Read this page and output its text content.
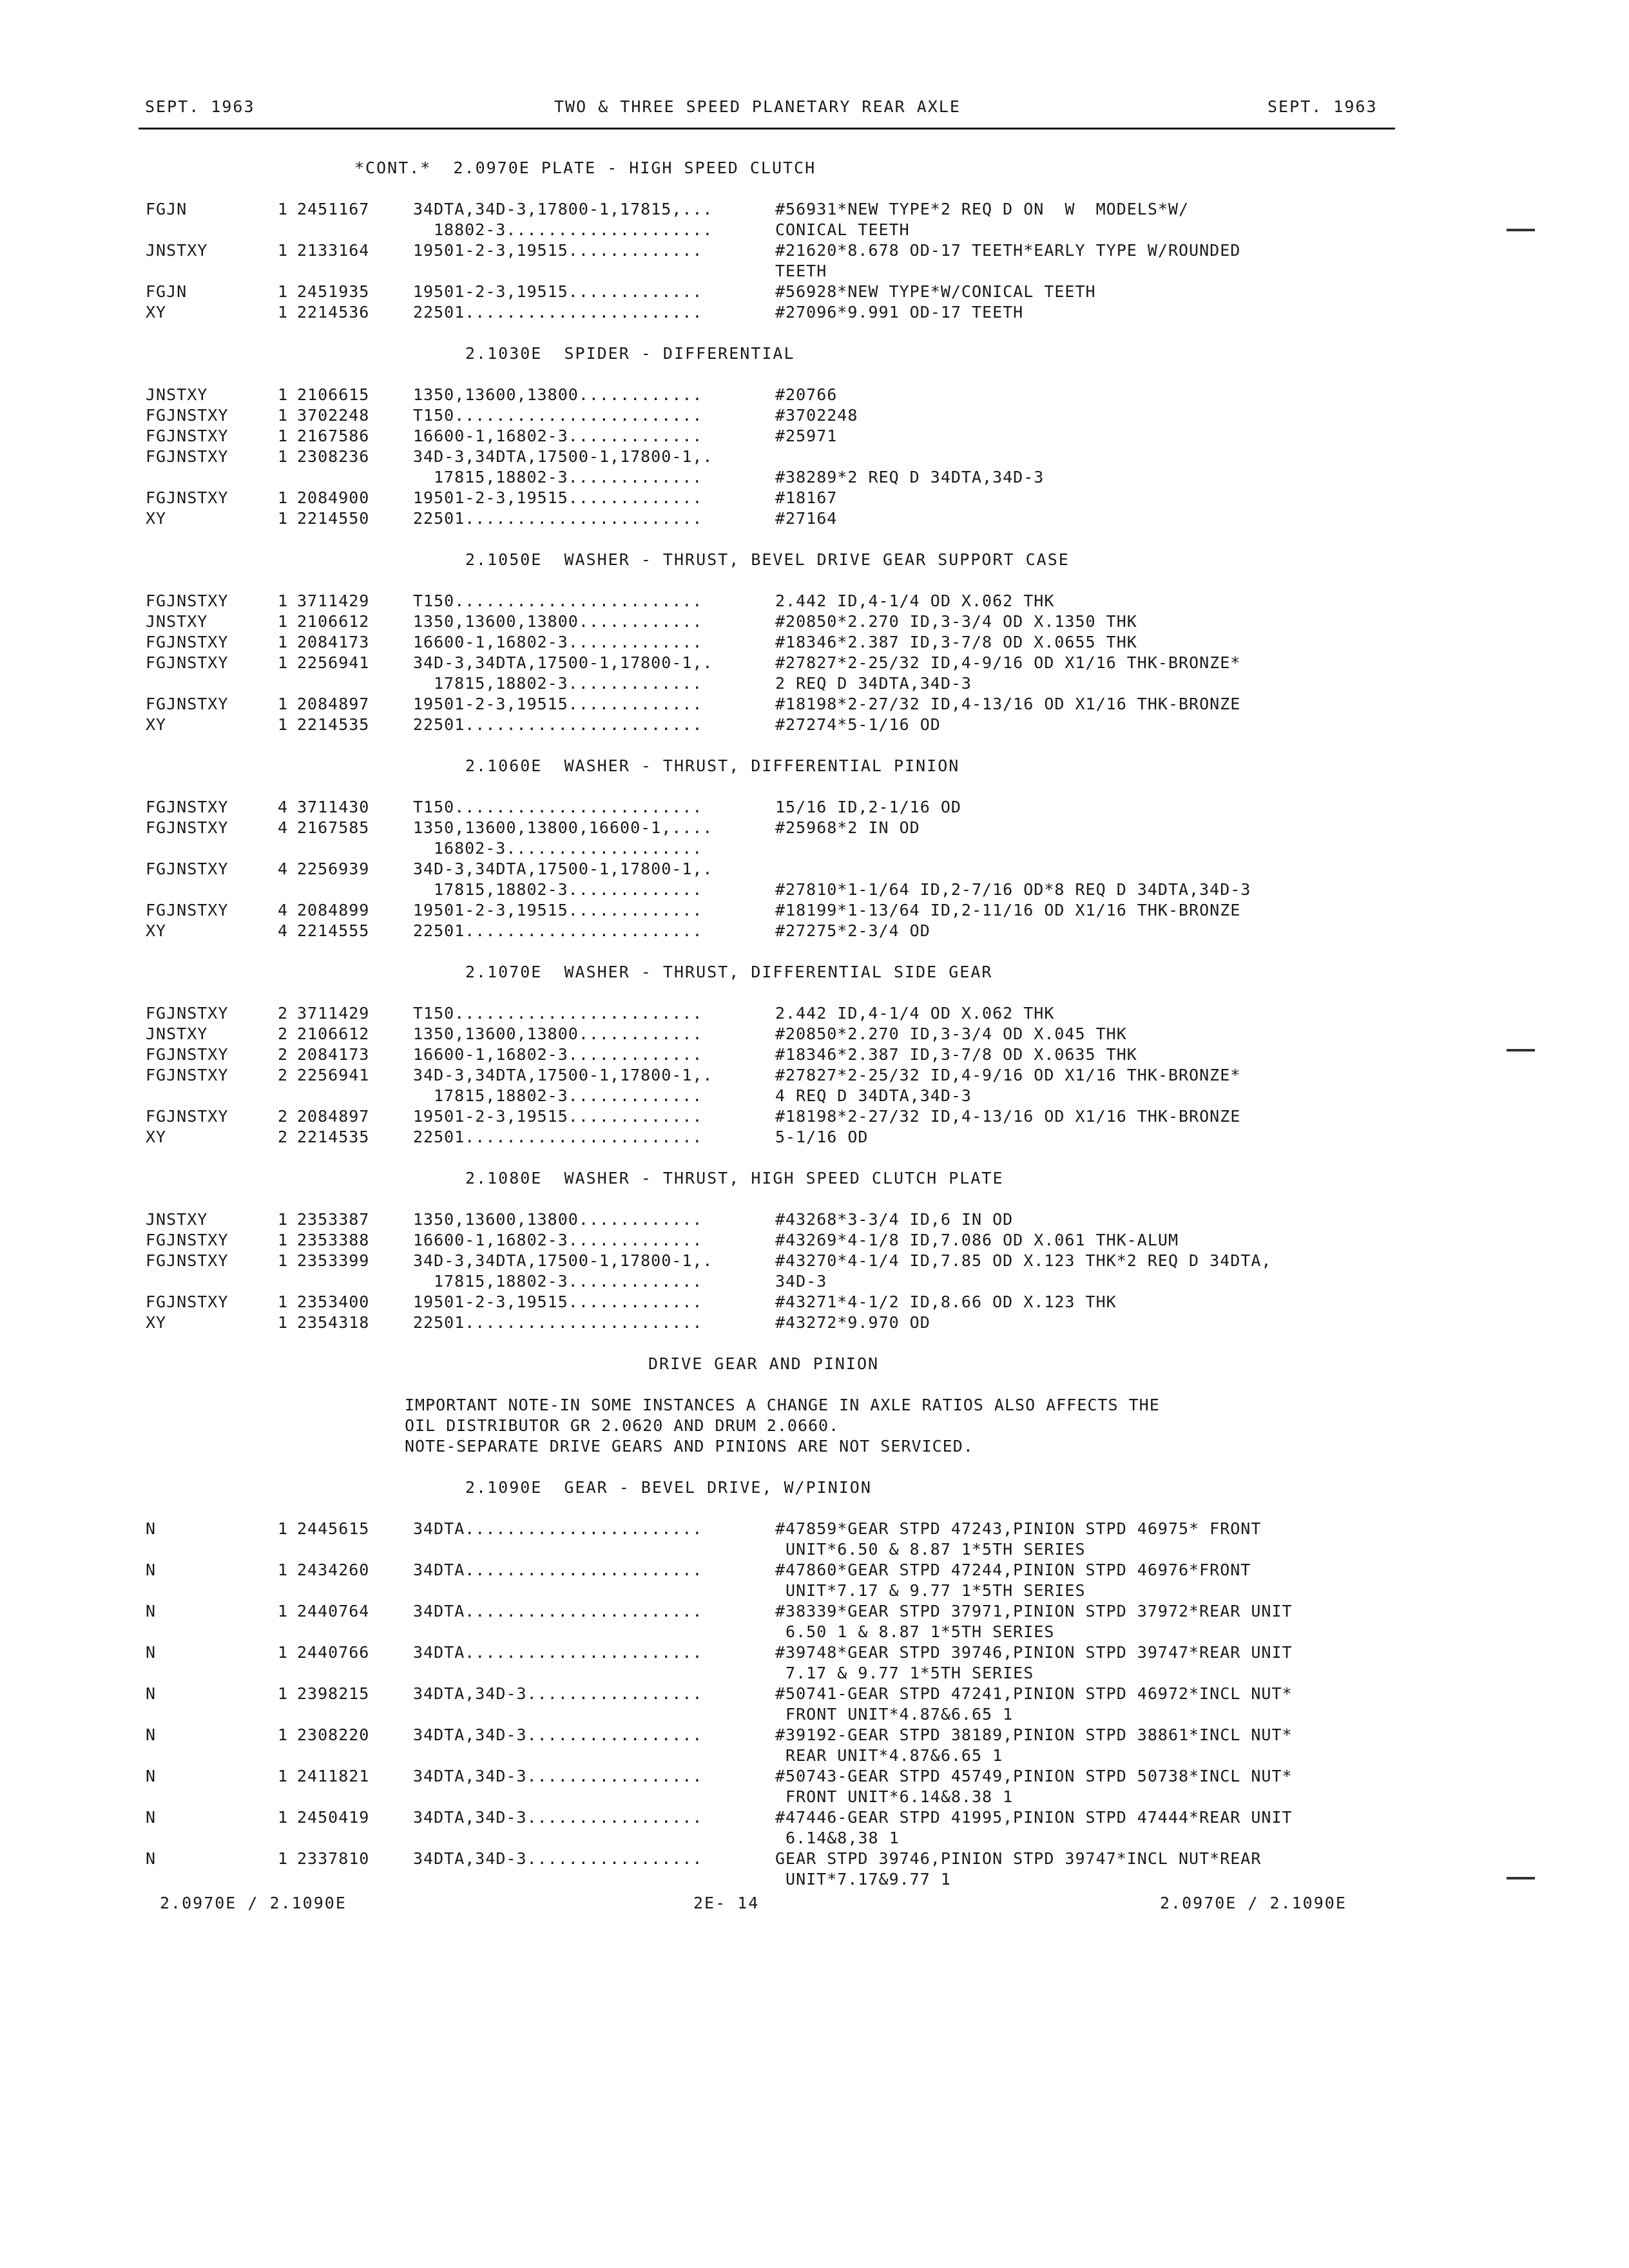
SEPT. 1963	TWO & THREE SPEED PLANETARY REAR AXLE	SEPT. 1963
*CONT.*  2.0970E PLATE - HIGH SPEED CLUTCH
FGJN	1 2451167	34DTA,34D-3,17800-1,17815,...	#56931*NEW TYPE*2 REQ D ON  W  MODELS*W/
18802-3....................	CONICAL TEETH
JNSTXY	1 2133164	19501-2-3,19515.............	#21620*8.678 OD-17 TEETH*EARLY TYPE W/ROUNDED
TEETH
FGJN	1 2451935	19501-2-3,19515.............	#56928*NEW TYPE*W/CONICAL TEETH
XY	1 2214536	22501.......................	#27096*9.991 OD-17 TEETH
2.1030E  SPIDER - DIFFERENTIAL
JNSTXY	1 2106615	1350,13600,13800............	#20766
FGJNSTXY	1 3702248	T150........................	#3702248
FGJNSTXY	1 2167586	16600-1,16802-3.............	#25971
FGJNSTXY	1 2308236	34D-3,34DTA,17500-1,17800-1,.
17815,18802-3.............	#38289*2 REQ D 34DTA,34D-3
FGJNSTXY	1 2084900	19501-2-3,19515.............	#18167
XY	1 2214550	22501.......................	#27164
2.1050E  WASHER - THRUST, BEVEL DRIVE GEAR SUPPORT CASE
FGJNSTXY	1 3711429	T150........................	2.442 ID,4-1/4 OD X.062 THK
JNSTXY	1 2106612	1350,13600,13800............	#20850*2.270 ID,3-3/4 OD X.1350 THK
FGJNSTXY	1 2084173	16600-1,16802-3.............	#18346*2.387 ID,3-7/8 OD X.0655 THK
FGJNSTXY	1 2256941	34D-3,34DTA,17500-1,17800-1,.	#27827*2-25/32 ID,4-9/16 OD X1/16 THK-BRONZE*
17815,18802-3.............	2 REQ D 34DTA,34D-3
FGJNSTXY	1 2084897	19501-2-3,19515.............	#18198*2-27/32 ID,4-13/16 OD X1/16 THK-BRONZE
XY	1 2214535	22501.......................	#27274*5-1/16 OD
2.1060E  WASHER - THRUST, DIFFERENTIAL PINION
FGJNSTXY	4 3711430	T150........................	15/16 ID,2-1/16 OD
FGJNSTXY	4 2167585	1350,13600,13800,16600-1,....	#25968*2 IN OD
16802-3...................
FGJNSTXY	4 2256939	34D-3,34DTA,17500-1,17800-1,.
17815,18802-3.............	#27810*1-1/64 ID,2-7/16 OD*8 REQ D 34DTA,34D-3
FGJNSTXY	4 2084899	19501-2-3,19515.............	#18199*1-13/64 ID,2-11/16 OD X1/16 THK-BRONZE
XY	4 2214555	22501.......................	#27275*2-3/4 OD
2.1070E  WASHER - THRUST, DIFFERENTIAL SIDE GEAR
FGJNSTXY	2 3711429	T150........................	2.442 ID,4-1/4 OD X.062 THK
JNSTXY	2 2106612	1350,13600,13800............	#20850*2.270 ID,3-3/4 OD X.045 THK
FGJNSTXY	2 2084173	16600-1,16802-3.............	#18346*2.387 ID,3-7/8 OD X.0635 THK
FGJNSTXY	2 2256941	34D-3,34DTA,17500-1,17800-1,.	#27827*2-25/32 ID,4-9/16 OD X1/16 THK-BRONZE*
17815,18802-3.............	4 REQ D 34DTA,34D-3
FGJNSTXY	2 2084897	19501-2-3,19515.............	#18198*2-27/32 ID,4-13/16 OD X1/16 THK-BRONZE
XY	2 2214535	22501.......................	5-1/16 OD
2.1080E  WASHER - THRUST, HIGH SPEED CLUTCH PLATE
JNSTXY	1 2353387	1350,13600,13800............	#43268*3-3/4 ID,6 IN OD
FGJNSTXY	1 2353388	16600-1,16802-3.............	#43269*4-1/8 ID,7.086 OD X.061 THK-ALUM
FGJNSTXY	1 2353399	34D-3,34DTA,17500-1,17800-1,.	#43270*4-1/4 ID,7.85 OD X.123 THK*2 REQ D 34DTA,
17815,18802-3.............	34D-3
FGJNSTXY	1 2353400	19501-2-3,19515.............	#43271*4-1/2 ID,8.66 OD X.123 THK
XY	1 2354318	22501.......................	#43272*9.970 OD
DRIVE GEAR AND PINION
IMPORTANT NOTE-IN SOME INSTANCES A CHANGE IN AXLE RATIOS ALSO AFFECTS THE
OIL DISTRIBUTOR GR 2.0620 AND DRUM 2.0660.
NOTE-SEPARATE DRIVE GEARS AND PINIONS ARE NOT SERVICED.
2.1090E  GEAR - BEVEL DRIVE, W/PINION
N	1 2445615	34DTA.......................	#47859*GEAR STPD 47243,PINION STPD 46975* FRONT
UNIT*6.50 & 8.87 1*5TH SERIES
N	1 2434260	34DTA.......................	#47860*GEAR STPD 47244,PINION STPD 46976*FRONT
UNIT*7.17 & 9.77 1*5TH SERIES
N	1 2440764	34DTA.......................	#38339*GEAR STPD 37971,PINION STPD 37972*REAR UNIT
6.50 1 & 8.87 1*5TH SERIES
N	1 2440766	34DTA.......................	#39748*GEAR STPD 39746,PINION STPD 39747*REAR UNIT
7.17 & 9.77 1*5TH SERIES
N	1 2398215	34DTA,34D-3.................	#50741-GEAR STPD 47241,PINION STPD 46972*INCL NUT*
FRONT UNIT*4.87&6.65 1
N	1 2308220	34DTA,34D-3.................	#39192-GEAR STPD 38189,PINION STPD 38861*INCL NUT*
REAR UNIT*4.87&6.65 1
N	1 2411821	34DTA,34D-3.................	#50743-GEAR STPD 45749,PINION STPD 50738*INCL NUT*
FRONT UNIT*6.14&8.38 1
N	1 2450419	34DTA,34D-3.................	#47446-GEAR STPD 41995,PINION STPD 47444*REAR UNIT
6.14&8,38 1
N	1 2337810	34DTA,34D-3.................	GEAR STPD 39746,PINION STPD 39747*INCL NUT*REAR
UNIT*7.17&9.77 1
2.0970E / 2.1090E	2E- 14	2.0970E / 2.1090E
